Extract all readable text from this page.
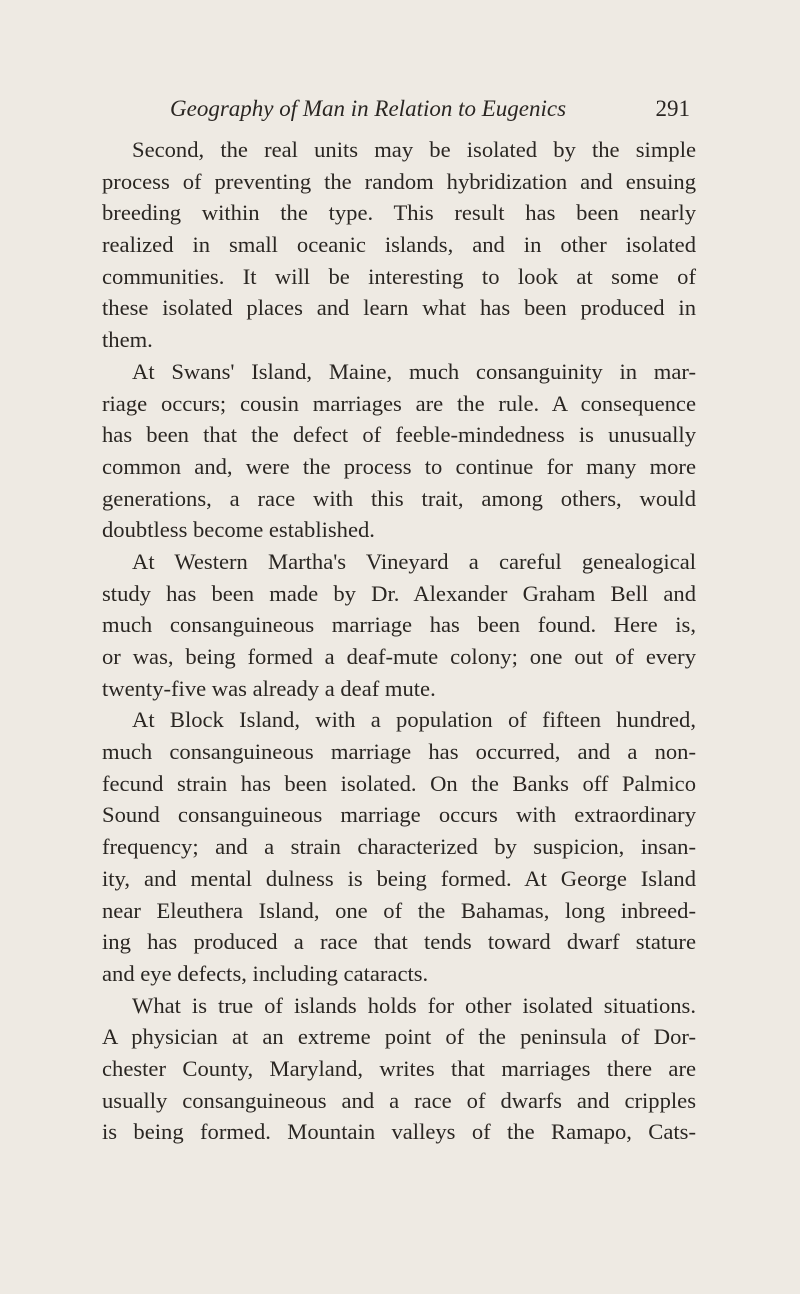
Geography of Man in Relation to Eugenics	291
Second, the real units may be isolated by the simple
process of preventing the random hybridization and ensuing
breeding within the type. This result has been nearly
realized in small oceanic islands, and in other isolated
communities. It will be interesting to look at some of
these isolated places and learn what has been produced in
them.
At Swans' Island, Maine, much consanguinity in mar-
riage occurs; cousin marriages are the rule. A consequence
has been that the defect of feeble-mindedness is unusually
common and, were the process to continue for many more
generations, a race with this trait, among others, would
doubtless become established.
At Western Martha's Vineyard a careful genealogical
study has been made by Dr. Alexander Graham Bell and
much consanguineous marriage has been found. Here is,
or was, being formed a deaf-mute colony; one out of every
twenty-five was already a deaf mute.
At Block Island, with a population of fifteen hundred,
much consanguineous marriage has occurred, and a non-
fecund strain has been isolated. On the Banks off Palmico
Sound consanguineous marriage occurs with extraordinary
frequency; and a strain characterized by suspicion, insan-
ity, and mental dulness is being formed. At George Island
near Eleuthera Island, one of the Bahamas, long inbreed-
ing has produced a race that tends toward dwarf stature
and eye defects, including cataracts.
What is true of islands holds for other isolated situations.
A physician at an extreme point of the peninsula of Dor-
chester County, Maryland, writes that marriages there are
usually consanguineous and a race of dwarfs and cripples
is being formed. Mountain valleys of the Ramapo, Cats-
